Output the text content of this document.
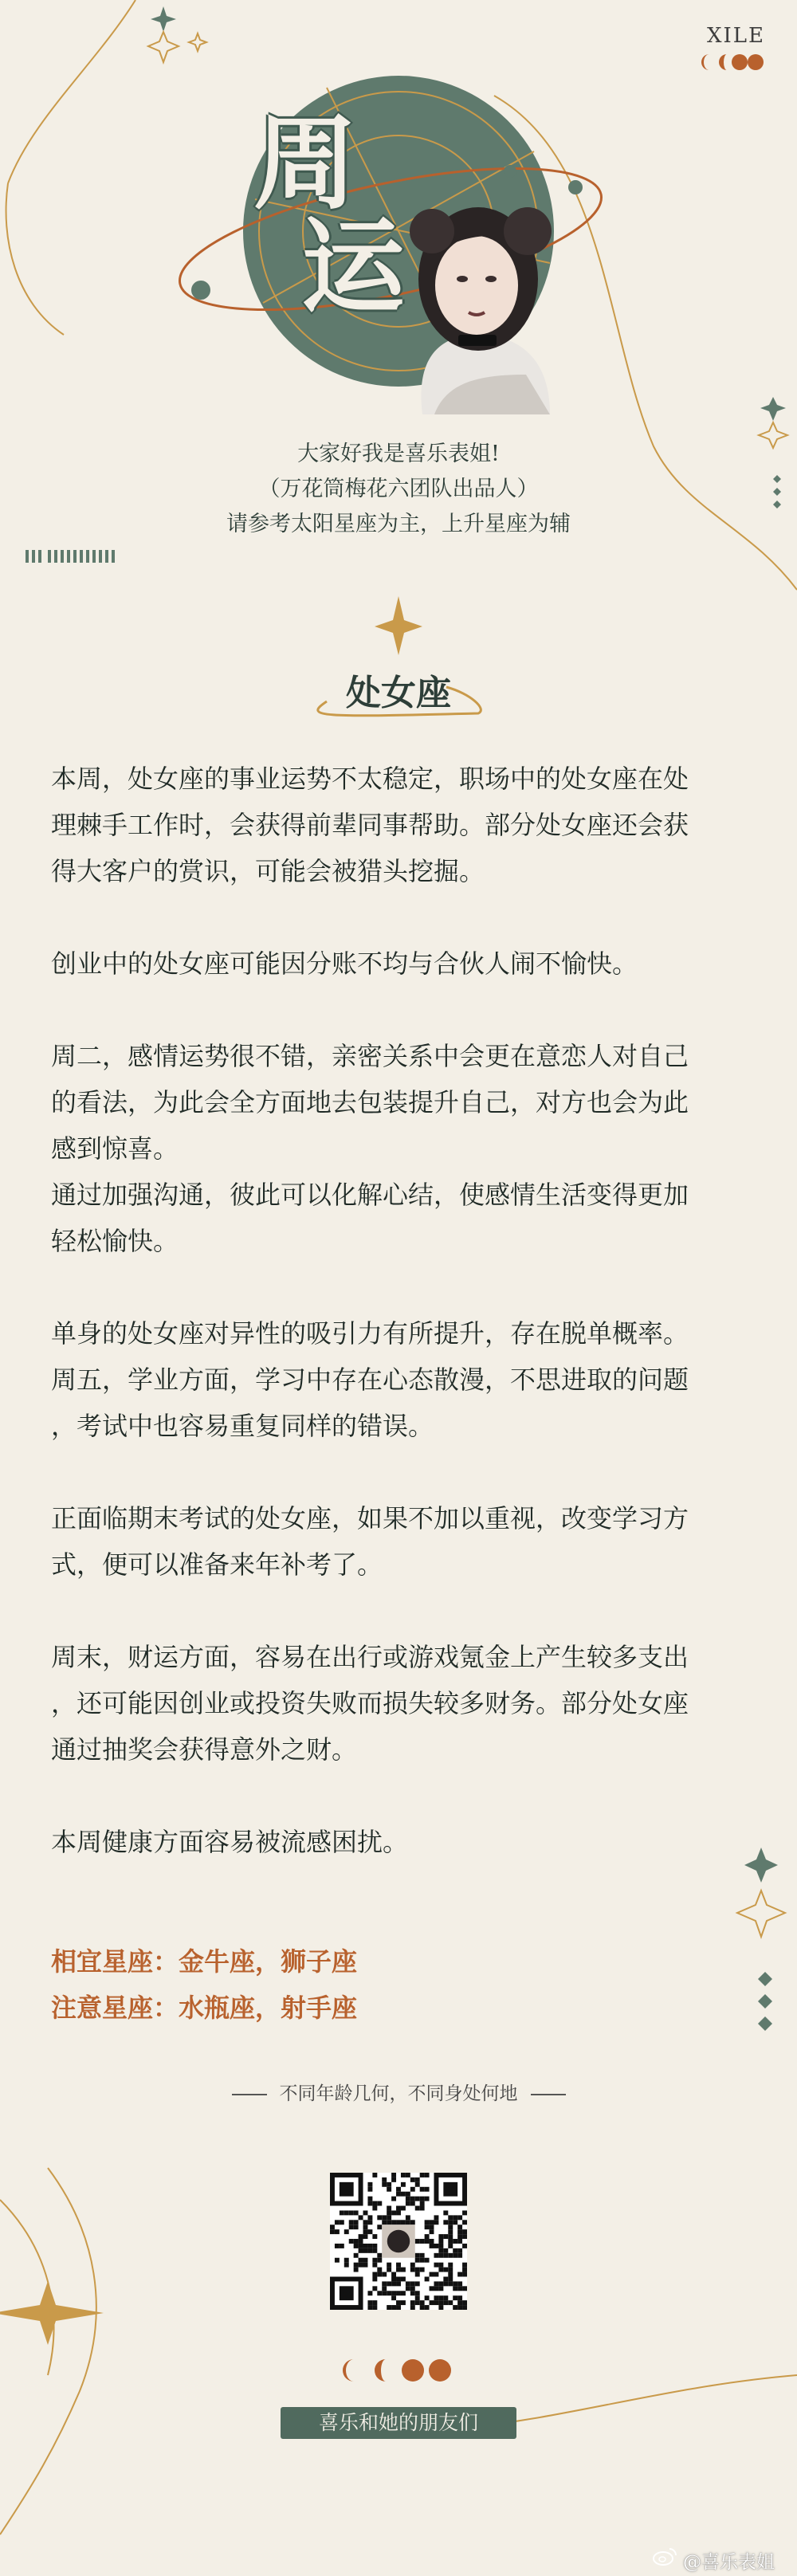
XILE
周
运
大家好我是喜乐表姐!
（万花筒梅花六团队出品人）
请参考太阳星座为主，上升星座为辅
处女座

本周，处女座的事业运势不太稳定，职场中的处女座在处
理棘手工作时，会获得前辈同事帮助。部分处女座还会获
得大客户的赏识，可能会被猎头挖掘。

创业中的处女座可能因分账不均与合伙人闹不愉快。

周二，感情运势很不错，亲密关系中会更在意恋人对自己
的看法，为此会全方面地去包装提升自己，对方也会为此
感到惊喜。
通过加强沟通，彼此可以化解心结，使感情生活变得更加
轻松愉快。

单身的处女座对异性的吸引力有所提升，存在脱单概率。
周五，学业方面，学习中存在心态散漫，不思进取的问题
，考试中也容易重复同样的错误。

正面临期末考试的处女座，如果不加以重视，改变学习方
式，便可以准备来年补考了。

周末，财运方面，容易在出行或游戏氪金上产生较多支出
，还可能因创业或投资失败而损失较多财务。部分处女座
通过抽奖会获得意外之财。

本周健康方面容易被流感困扰。

相宜星座：金牛座，狮子座
注意星座：水瓶座，射手座
不同年龄几何，不同身处何地
喜乐和她的朋友们
@喜乐表姐
